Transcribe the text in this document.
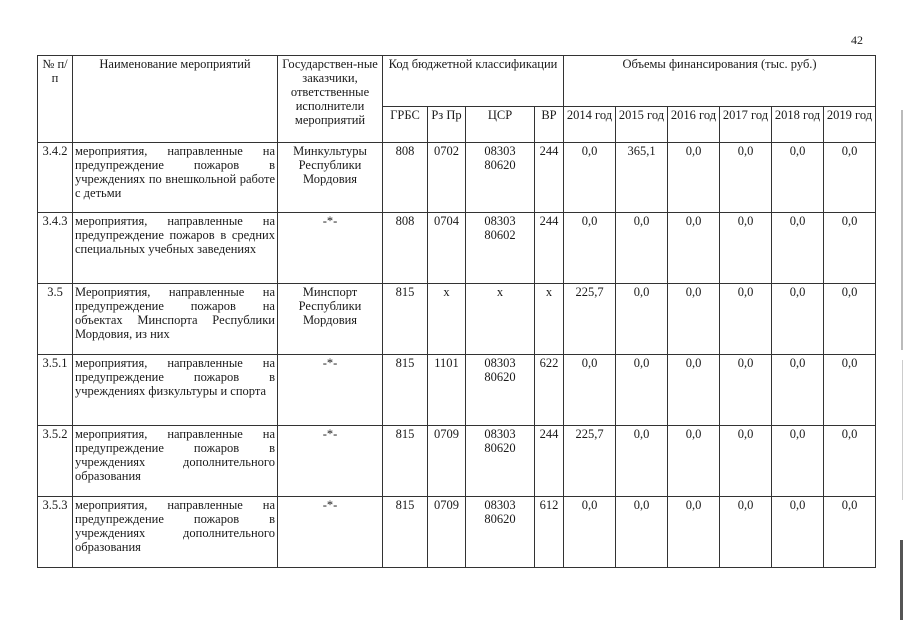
42
№ п/п	Наименование мероприятий	Государствен-ные заказчики, ответственные исполнители мероприятий	Код бюджетной классификации				Объемы финансирования (тыс. руб.)					
			ГРБС	Рз Пр	ЦСР	ВР	2014 год	2015 год	2016 год	2017 год	2018 год	2019 год
3.4.2	мероприятия, направленные на предупреждение пожаров в учреждениях по внешкольной работе с детьми	Минкультуры Республики Мордовия	808	0702	08303 80620	244	0,0	365,1	0,0	0,0	0,0	0,0
3.4.3	мероприятия, направленные на предупреждение пожаров в средних специальных учебных заведениях	-*-	808	0704	08303 80602	244	0,0	0,0	0,0	0,0	0,0	0,0
3.5	Мероприятия, направленные на предупреждение пожаров на объектах Минспорта Республики Мордовия, из них	Минспорт Республики Мордовия	815	x	x	x	225,7	0,0	0,0	0,0	0,0	0,0
3.5.1	мероприятия, направленные на предупреждение пожаров в учреждениях физкультуры и спорта	-*-	815	1101	08303 80620	622	0,0	0,0	0,0	0,0	0,0	0,0
3.5.2	мероприятия, направленные на предупреждение пожаров в учреждениях дополнительного образования	-*-	815	0709	08303 80620	244	225,7	0,0	0,0	0,0	0,0	0,0
3.5.3	мероприятия, направленные на предупреждение пожаров в учреждениях дополнительного образования	-*-	815	0709	08303 80620	612	0,0	0,0	0,0	0,0	0,0	0,0
